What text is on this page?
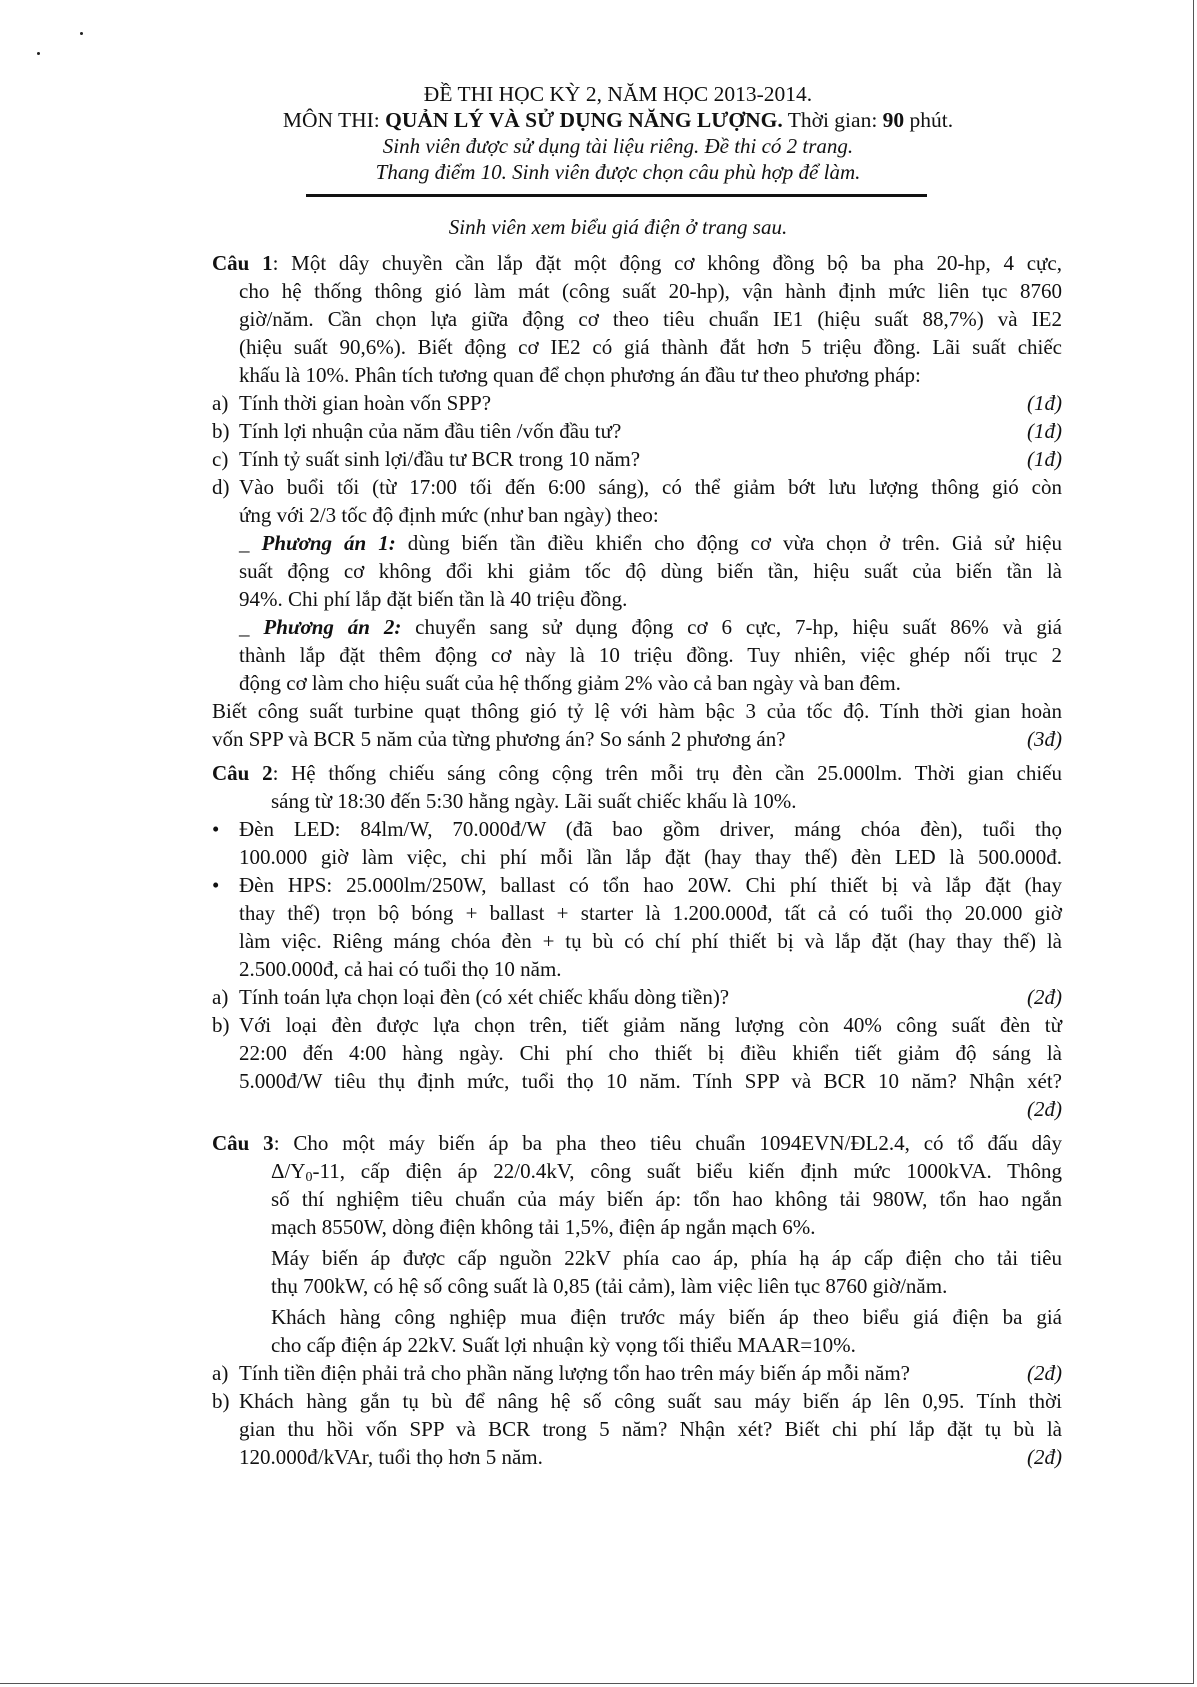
ĐỀ THI HỌC KỲ 2, NĂM HỌC 2013-2014.
MÔN THI: QUẢN LÝ VÀ SỬ DỤNG NĂNG LƯỢNG. Thời gian: 90 phút.
Sinh viên được sử dụng tài liệu riêng. Đề thi có 2 trang.
Thang điểm 10. Sinh viên được chọn câu phù hợp để làm.
Sinh viên xem biểu giá điện ở trang sau.
Câu 1: Một dây chuyền cần lắp đặt một động cơ không đồng bộ ba pha 20-hp, 4 cực,
cho hệ thống thông gió làm mát (công suất 20-hp), vận hành định mức liên tục 8760
giờ/năm. Cần chọn lựa giữa động cơ theo tiêu chuẩn IE1 (hiệu suất 88,7%) và IE2
(hiệu suất 90,6%). Biết động cơ IE2 có giá thành đắt hơn 5 triệu đồng. Lãi suất chiếc
khấu là 10%. Phân tích tương quan để chọn phương án đầu tư theo phương pháp:
a) Tính thời gian hoàn vốn SPP?	(1đ)
b) Tính lợi nhuận của năm đầu tiên /vốn đầu tư?	(1đ)
c) Tính tỷ suất sinh lợi/đầu tư BCR trong 10 năm?	(1đ)
d) Vào buổi tối (từ 17:00 tối đến 6:00 sáng), có thể giảm bớt lưu lượng thông gió còn
ứng với 2/3 tốc độ định mức (như ban ngày) theo:
_ Phương án 1: dùng biến tần điều khiển cho động cơ vừa chọn ở trên. Giả sử hiệu
suất động cơ không đổi khi giảm tốc độ dùng biến tần, hiệu suất của biến tần là
94%. Chi phí lắp đặt biến tần là 40 triệu đồng.
_ Phương án 2: chuyển sang sử dụng động cơ 6 cực, 7-hp, hiệu suất 86% và giá
thành lắp đặt thêm động cơ này là 10 triệu đồng. Tuy nhiên, việc ghép nối trục 2
động cơ làm cho hiệu suất của hệ thống giảm 2% vào cả ban ngày và ban đêm.
Biết công suất turbine quạt thông gió tỷ lệ với hàm bậc 3 của tốc độ. Tính thời gian hoàn
vốn SPP và BCR 5 năm của từng phương án? So sánh 2 phương án?	(3đ)
Câu 2: Hệ thống chiếu sáng công cộng trên mỗi trụ đèn cần 25.000lm. Thời gian chiếu
sáng từ 18:30 đến 5:30 hằng ngày. Lãi suất chiếc khấu là 10%.
• Đèn LED: 84lm/W, 70.000đ/W (đã bao gồm driver, máng chóa đèn), tuổi thọ
100.000 giờ làm việc, chi phí mỗi lần lắp đặt (hay thay thế) đèn LED là 500.000đ.
• Đèn HPS: 25.000lm/250W, ballast có tổn hao 20W. Chi phí thiết bị và lắp đặt (hay
thay thế) trọn bộ bóng + ballast + starter là 1.200.000đ, tất cả có tuổi thọ 20.000 giờ
làm việc. Riêng máng chóa đèn + tụ bù có chí phí thiết bị và lắp đặt (hay thay thế) là
2.500.000đ, cả hai có tuổi thọ 10 năm.
a) Tính toán lựa chọn loại đèn (có xét chiếc khấu dòng tiền)?	(2đ)
b) Với loại đèn được lựa chọn trên, tiết giảm năng lượng còn 40% công suất đèn từ
22:00 đến 4:00 hàng ngày. Chi phí cho thiết bị điều khiển tiết giảm độ sáng là
5.000đ/W tiêu thụ định mức, tuổi thọ 10 năm. Tính SPP và BCR 10 năm? Nhận xét?
(2đ)
Câu 3: Cho một máy biến áp ba pha theo tiêu chuẩn 1094EVN/ĐL2.4, có tổ đấu dây
$\Delta/Y_0-11$, cấp điện áp 22/0.4kV, công suất biểu kiến định mức 1000kVA. Thông
số thí nghiệm tiêu chuẩn của máy biến áp: tổn hao không tải 980W, tổn hao ngắn
mạch 8550W, dòng điện không tải 1,5%, điện áp ngắn mạch 6%.
Máy biến áp được cấp nguồn 22kV phía cao áp, phía hạ áp cấp điện cho tải tiêu
thụ 700kW, có hệ số công suất là 0,85 (tải cảm), làm việc liên tục 8760 giờ/năm.
Khách hàng công nghiệp mua điện trước máy biến áp theo biểu giá điện ba giá
cho cấp điện áp 22kV. Suất lợi nhuận kỳ vọng tối thiểu MAAR=10%.
a) Tính tiền điện phải trả cho phần năng lượng tổn hao trên máy biến áp mỗi năm?	(2đ)
b) Khách hàng gắn tụ bù để nâng hệ số công suất sau máy biến áp lên 0,95. Tính thời
gian thu hồi vốn SPP và BCR trong 5 năm? Nhận xét? Biết chi phí lắp đặt tụ bù là
120.000đ/kVAr, tuổi thọ hơn 5 năm.	(2đ)
